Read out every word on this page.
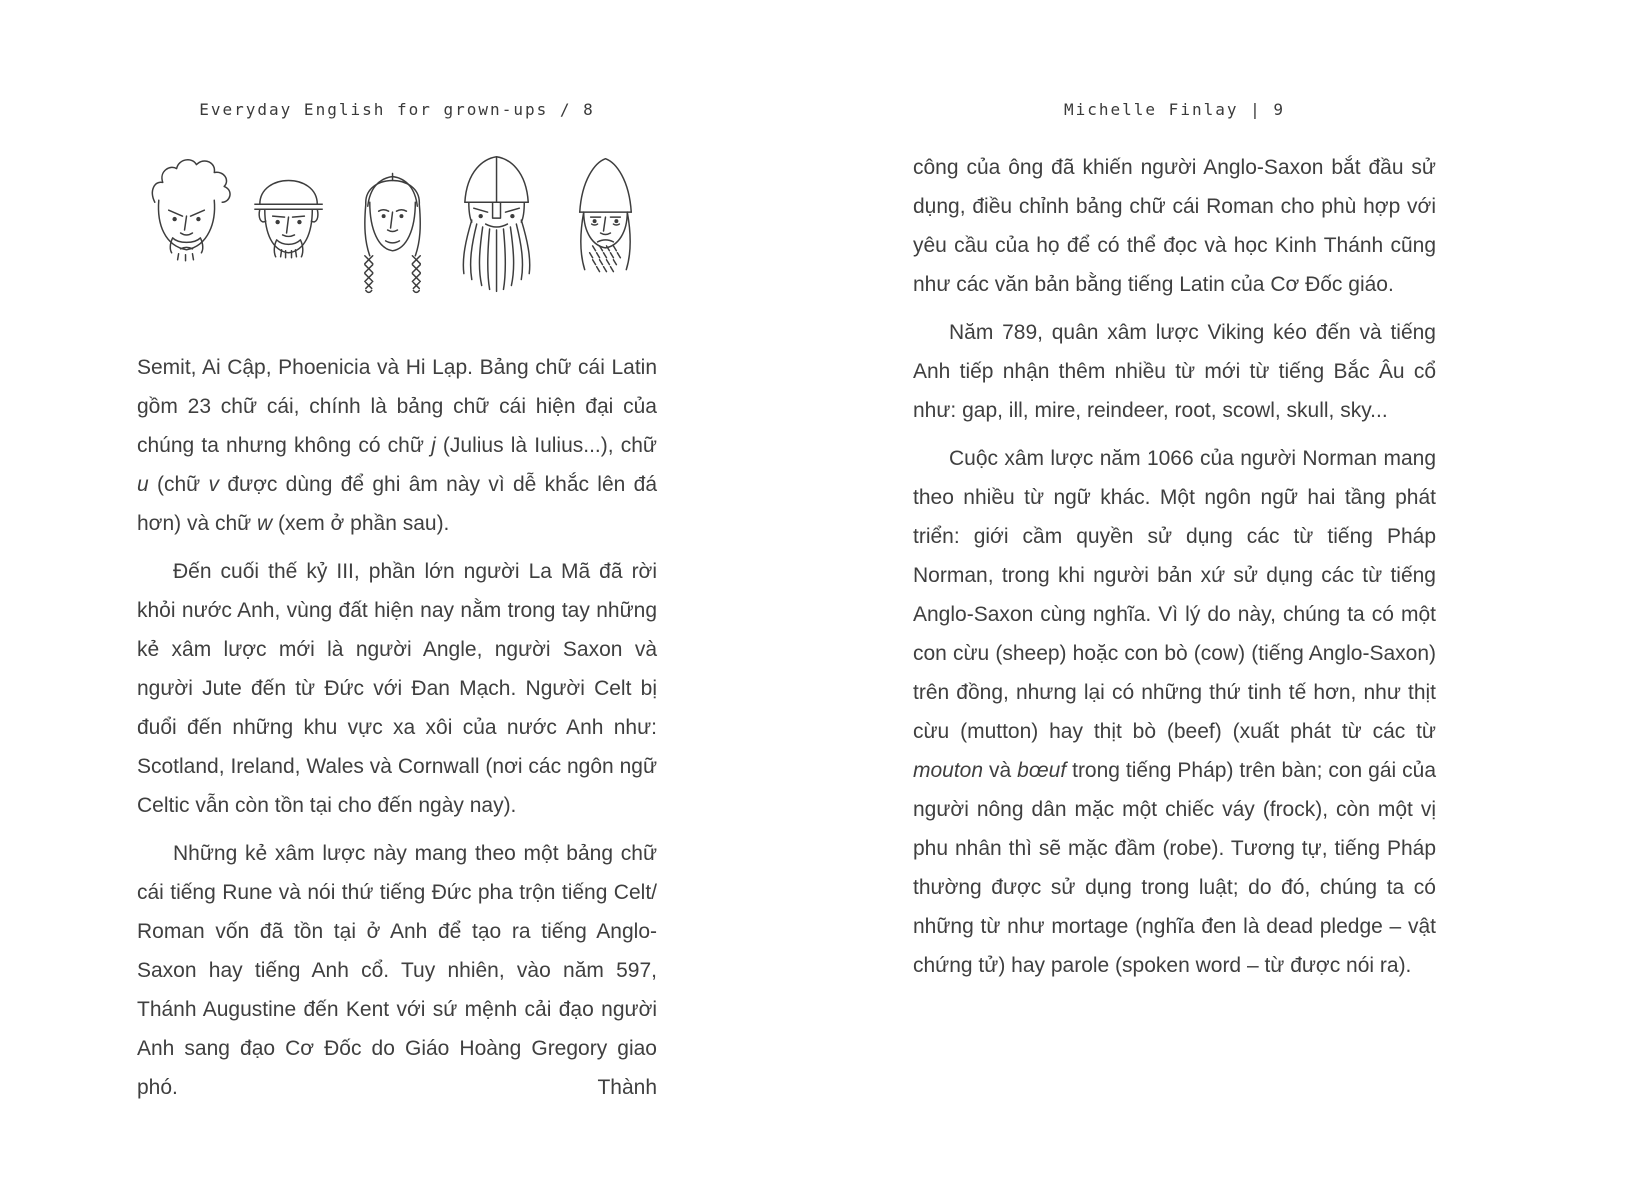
Everyday English for grown-ups / 8

Semit, Ai Cập, Phoenicia và Hi Lạp. Bảng chữ cái Latin gồm 23 chữ cái, chính là bảng chữ cái hiện đại của chúng ta nhưng không có chữ j (Julius là Iulius...), chữ u (chữ v được dùng để ghi âm này vì dễ khắc lên đá hơn) và chữ w (xem ở phần sau).

Đến cuối thế kỷ III, phần lớn người La Mã đã rời khỏi nước Anh, vùng đất hiện nay nằm trong tay những kẻ xâm lược mới là người Angle, người Saxon và người Jute đến từ Đức với Đan Mạch. Người Celt bị đuổi đến những khu vực xa xôi của nước Anh như: Scotland, Ireland, Wales và Cornwall (nơi các ngôn ngữ Celtic vẫn còn tồn tại cho đến ngày nay).

Những kẻ xâm lược này mang theo một bảng chữ cái tiếng Rune và nói thứ tiếng Đức pha trộn tiếng Celt/ Roman vốn đã tồn tại ở Anh để tạo ra tiếng Anglo-Saxon hay tiếng Anh cổ. Tuy nhiên, vào năm 597, Thánh Augustine đến Kent với sứ mệnh cải đạo người Anh sang đạo Cơ Đốc do Giáo Hoàng Gregory giao phó. Thành

Michelle Finlay | 9

công của ông đã khiến người Anglo-Saxon bắt đầu sử dụng, điều chỉnh bảng chữ cái Roman cho phù hợp với yêu cầu của họ để có thể đọc và học Kinh Thánh cũng như các văn bản bằng tiếng Latin của Cơ Đốc giáo.

Năm 789, quân xâm lược Viking kéo đến và tiếng Anh tiếp nhận thêm nhiều từ mới từ tiếng Bắc Âu cổ như: gap, ill, mire, reindeer, root, scowl, skull, sky...

Cuộc xâm lược năm 1066 của người Norman mang theo nhiều từ ngữ khác. Một ngôn ngữ hai tầng phát triển: giới cầm quyền sử dụng các từ tiếng Pháp Norman, trong khi người bản xứ sử dụng các từ tiếng Anglo-Saxon cùng nghĩa. Vì lý do này, chúng ta có một con cừu (sheep) hoặc con bò (cow) (tiếng Anglo-Saxon) trên đồng, nhưng lại có những thứ tinh tế hơn, như thịt cừu (mutton) hay thịt bò (beef) (xuất phát từ các từ mouton và bœuf trong tiếng Pháp) trên bàn; con gái của người nông dân mặc một chiếc váy (frock), còn một vị phu nhân thì sẽ mặc đầm (robe). Tương tự, tiếng Pháp thường được sử dụng trong luật; do đó, chúng ta có những từ như mortage (nghĩa đen là dead pledge – vật chứng tử) hay parole (spoken word – từ được nói ra).
